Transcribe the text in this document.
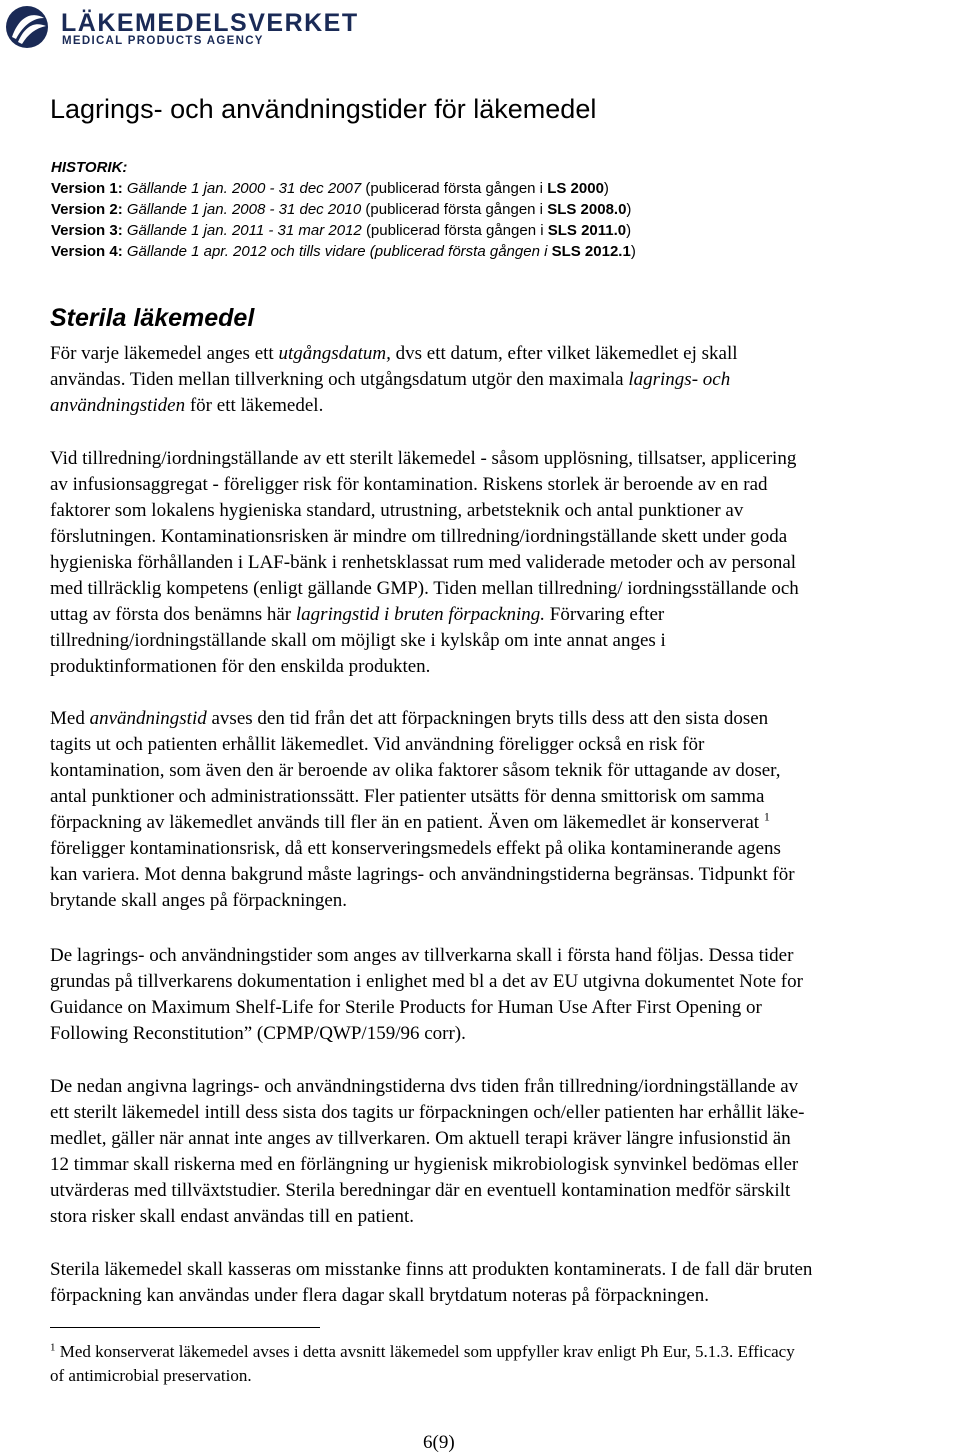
LÄKEMEDELSVERKET
MEDICAL PRODUCTS AGENCY
Lagrings- och användningstider för läkemedel
HISTORIK:
Version 1: Gällande 1 jan. 2000 - 31 dec 2007 (publicerad första gången i LS 2000)
Version 2: Gällande 1 jan. 2008 - 31 dec 2010 (publicerad första gången i SLS 2008.0)
Version 3: Gällande 1 jan. 2011 - 31 mar 2012 (publicerad första gången i SLS 2011.0)
Version 4: Gällande 1 apr. 2012 och tills vidare (publicerad första gången i SLS 2012.1)
Sterila läkemedel
För varje läkemedel anges ett utgångsdatum, dvs ett datum, efter vilket läkemedlet ej skall
användas. Tiden mellan tillverkning och utgångsdatum utgör den maximala lagrings- och
användningstiden för ett läkemedel.
Vid tillredning/iordningställande av ett sterilt läkemedel - såsom upplösning, tillsatser, applicering
av infusionsaggregat - föreligger risk för kontamination. Riskens storlek är beroende av en rad
faktorer som lokalens hygieniska standard, utrustning, arbetsteknik och antal punktioner av
förslutningen. Kontaminationsrisken är mindre om tillredning/iordningställande skett under goda
hygieniska förhållanden i LAF-bänk i renhetsklassat rum med validerade metoder och av personal
med tillräcklig kompetens (enligt gällande GMP). Tiden mellan tillredning/ iordningsställande och
uttag av första dos benämns här lagringstid i bruten förpackning. Förvaring efter
tillredning/iordningställande skall om möjligt ske i kylskåp om inte annat anges i
produktinformationen för den enskilda produkten.
Med användningstid avses den tid från det att förpackningen bryts tills dess att den sista dosen
tagits ut och patienten erhållit läkemedlet. Vid användning föreligger också en risk för
kontamination, som även den är beroende av olika faktorer såsom teknik för uttagande av doser,
antal punktioner och administrationssätt. Fler patienter utsätts för denna smittorisk om samma
förpackning av läkemedlet används till fler än en patient. Även om läkemedlet är konserverat $^1$
föreligger kontaminationsrisk, då ett konserveringsmedels effekt på olika kontaminerande agens
kan variera. Mot denna bakgrund måste lagrings- och användningstiderna begränsas. Tidpunkt för
brytande skall anges på förpackningen.
De lagrings- och användningstider som anges av tillverkarna skall i första hand följas. Dessa tider
grundas på tillverkarens dokumentation i enlighet med bl a det av EU utgivna dokumentet Note for
Guidance on Maximum Shelf-Life for Sterile Products for Human Use After First Opening or
Following Reconstitution” (CPMP/QWP/159/96 corr).
De nedan angivna lagrings- och användningstiderna dvs tiden från tillredning/iordningställande av
ett sterilt läkemedel intill dess sista dos tagits ur förpackningen och/eller patienten har erhållit läke-
medlet, gäller när annat inte anges av tillverkaren. Om aktuell terapi kräver längre infusionstid än
12 timmar skall riskerna med en förlängning ur hygienisk mikrobiologisk synvinkel bedömas eller
utvärderas med tillväxtstudier. Sterila beredningar där en eventuell kontamination medför särskilt
stora risker skall endast användas till en patient.
Sterila läkemedel skall kasseras om misstanke finns att produkten kontaminerats. I de fall där bruten
förpackning kan användas under flera dagar skall brytdatum noteras på förpackningen.
$^1$ Med konserverat läkemedel avses i detta avsnitt läkemedel som uppfyller krav enligt Ph Eur, 5.1.3. Efficacy
of antimicrobial preservation.
6(9)
